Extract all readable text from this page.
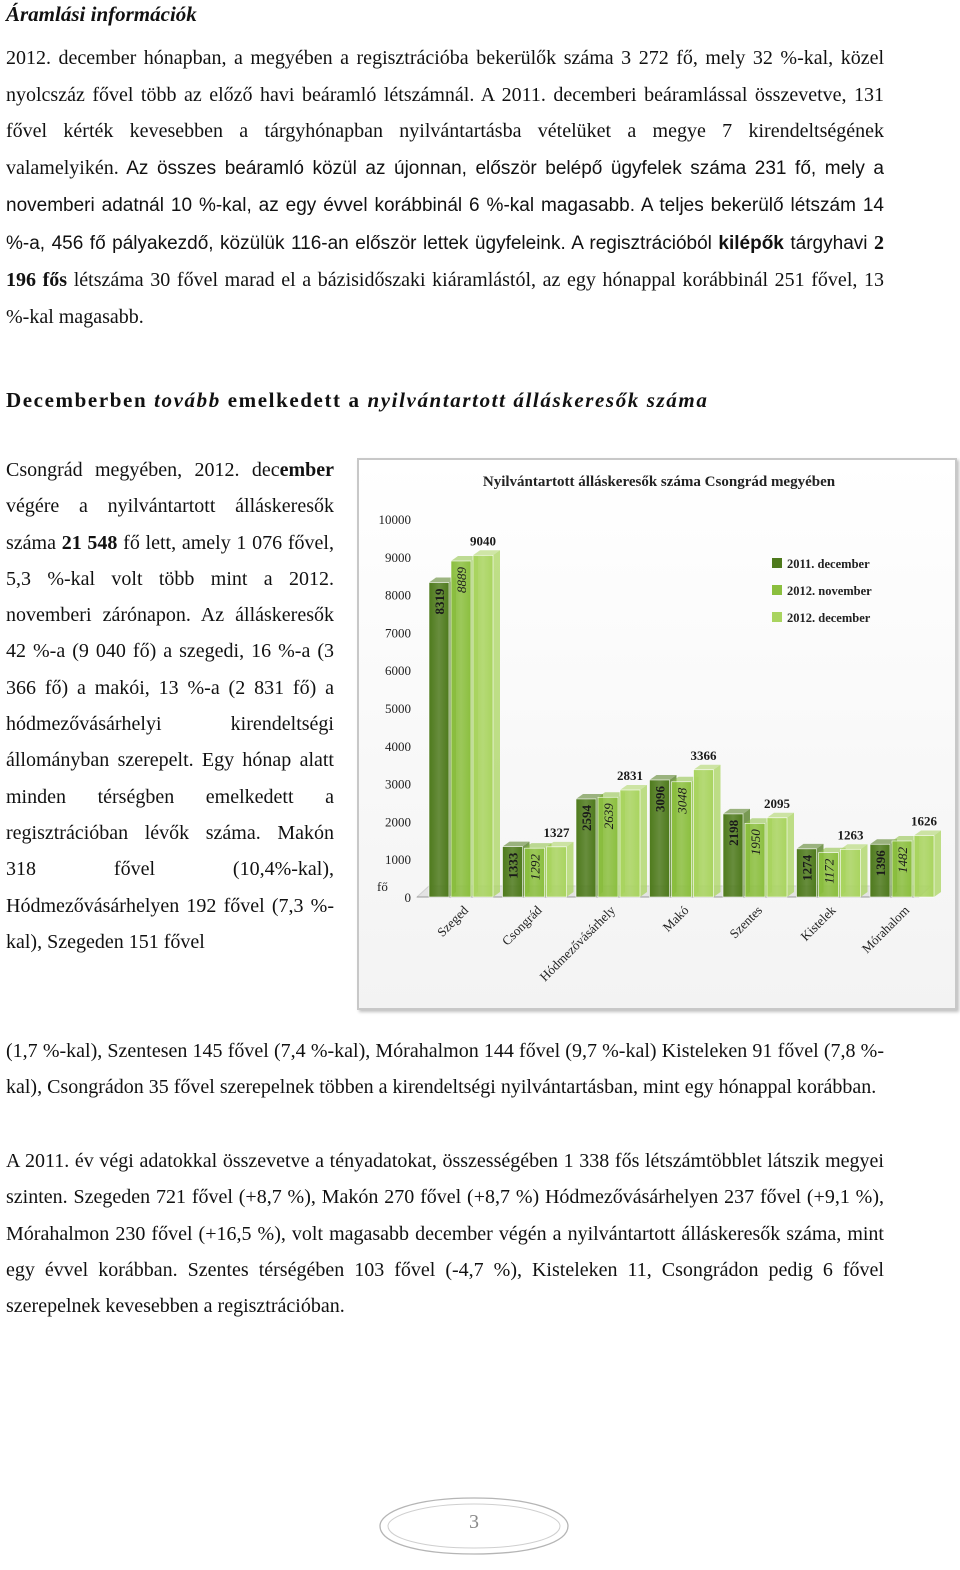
Áramlási információk

2012. december hónapban, a megyében a regisztrációba bekerülők száma 3 272 fő, mely 32 %-kal, közel nyolcszáz fővel több az előző havi beáramló létszámnál. A 2011. decemberi beáramlással összevetve, 131 fővel kérték kevesebben a tárgyhónapban nyilvántartásba vételüket a megye 7 kirendeltségének valamelyikén. Az összes beáramló közül az újonnan, először belépő ügyfelek száma 231 fő, mely a novemberi adatnál 10 %-kal, az egy évvel korábbinál 6 %-kal magasabb. A teljes bekerülő létszám 14 %-a, 456 fő pályakezdő, közülük 116-an először lettek ügyfeleink. A regisztrációból kilépők tárgyhavi 2 196 fős létszáma 30 fővel marad el a bázisidőszaki kiáramlástól, az egy hónappal korábbinál 251 fővel, 13 %-kal magasabb.

Decemberben tovább emelkedett a nyilvántartott álláskeresők száma

Csongrád megyében, 2012. december végére a nyilvántartott álláskeresők száma 21 548 fő lett, amely 1 076 fővel, 5,3 %-kal volt több mint a 2012. novemberi zárónapon. Az álláskeresők 42 %-a (9 040 fő) a szegedi, 16 %-a (3 366 fő) a makói, 13 %-a (2 831 fő) a hódmezővásárhelyi kirendeltségi állományban szerepelt. Egy hónap alatt minden térségben emelkedett a regisztrációban lévők száma. Makón 318 fővel (10,4%-kal), Hódmezővásárhelyen 192 fővel (7,3 %-kal), Szegeden 151 fővel

Nyilvántartott álláskeresők száma Csongrád megyében
0
1000
2000
3000
4000
5000
6000
7000
8000
9000
10000
fő
8319
8889
9040
Szeged
1333 1292
1327
Csongrád
2594 2639
2831
Hódmezővásárhely
3096 3048
3366
Makó
2198 1950
2095
Szentes
1274 1172
1263
Kistelek
1396 1482
1626
Mórahalom
2011. december
2012. november
2012. december

(1,7 %-kal), Szentesen 145 fővel (7,4 %-kal), Mórahalmon 144 fővel (9,7 %-kal) Kisteleken 91 fővel (7,8 %-kal), Csongrádon 35 fővel szerepelnek többen a kirendeltségi nyilvántartásban, mint egy hónappal korábban.

A 2011. év végi adatokkal összevetve a tényadatokat, összességében 1 338 fős létszámtöbblet látszik megyei szinten. Szegeden 721 fővel (+8,7 %), Makón 270 fővel (+8,7 %) Hódmezővásárhelyen 237 fővel (+9,1 %), Mórahalmon 230 fővel (+16,5 %), volt magasabb december végén a nyilvántartott álláskeresők száma, mint egy évvel korábban. Szentes térségében 103 fővel (-4,7 %), Kisteleken 11, Csongrádon pedig 6 fővel szerepelnek kevesebben a regisztrációban.

3
